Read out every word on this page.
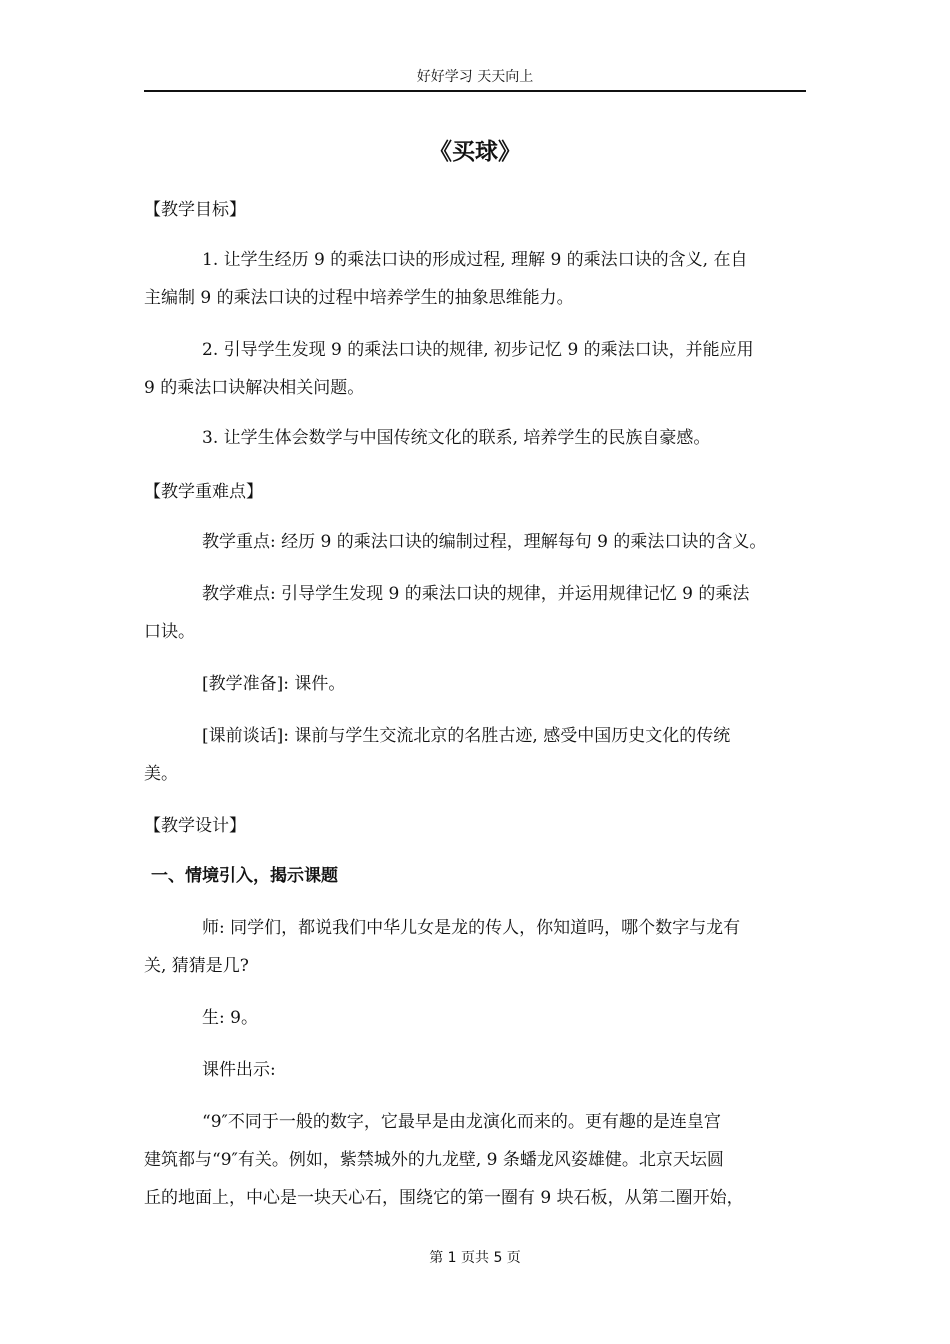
好好学习 天天向上
《买球》
【教学目标】
1. 让学生经历 9 的乘法口诀的形成过程, 理解 9 的乘法口诀的含义, 在自
主编制 9 的乘法口诀的过程中培养学生的抽象思维能力。
2. 引导学生发现 9 的乘法口诀的规律, 初步记忆 9 的乘法口诀，并能应用
9 的乘法口诀解决相关问题。
3. 让学生体会数学与中国传统文化的联系, 培养学生的民族自豪感。
【教学重难点】
教学重点: 经历 9 的乘法口诀的编制过程，理解每句 9 的乘法口诀的含义。
教学难点: 引导学生发现 9 的乘法口诀的规律，并运用规律记忆 9 的乘法
口诀。
[教学准备]: 课件。
[课前谈话]: 课前与学生交流北京的名胜古迹, 感受中国历史文化的传统
美。
【教学设计】
一、情境引入，揭示课题
师: 同学们，都说我们中华儿女是龙的传人，你知道吗，哪个数字与龙有
关, 猜猜是几?
生: 9。
课件出示:
“9″不同于一般的数字，它最早是由龙演化而来的。更有趣的是连皇宫
建筑都与“9″有关。例如，紫禁城外的九龙壁, 9 条蟠龙风姿雄健。北京天坛圆
丘的地面上，中心是一块天心石，围绕它的第一圈有 9 块石板，从第二圈开始，
第 1 页共 5 页
